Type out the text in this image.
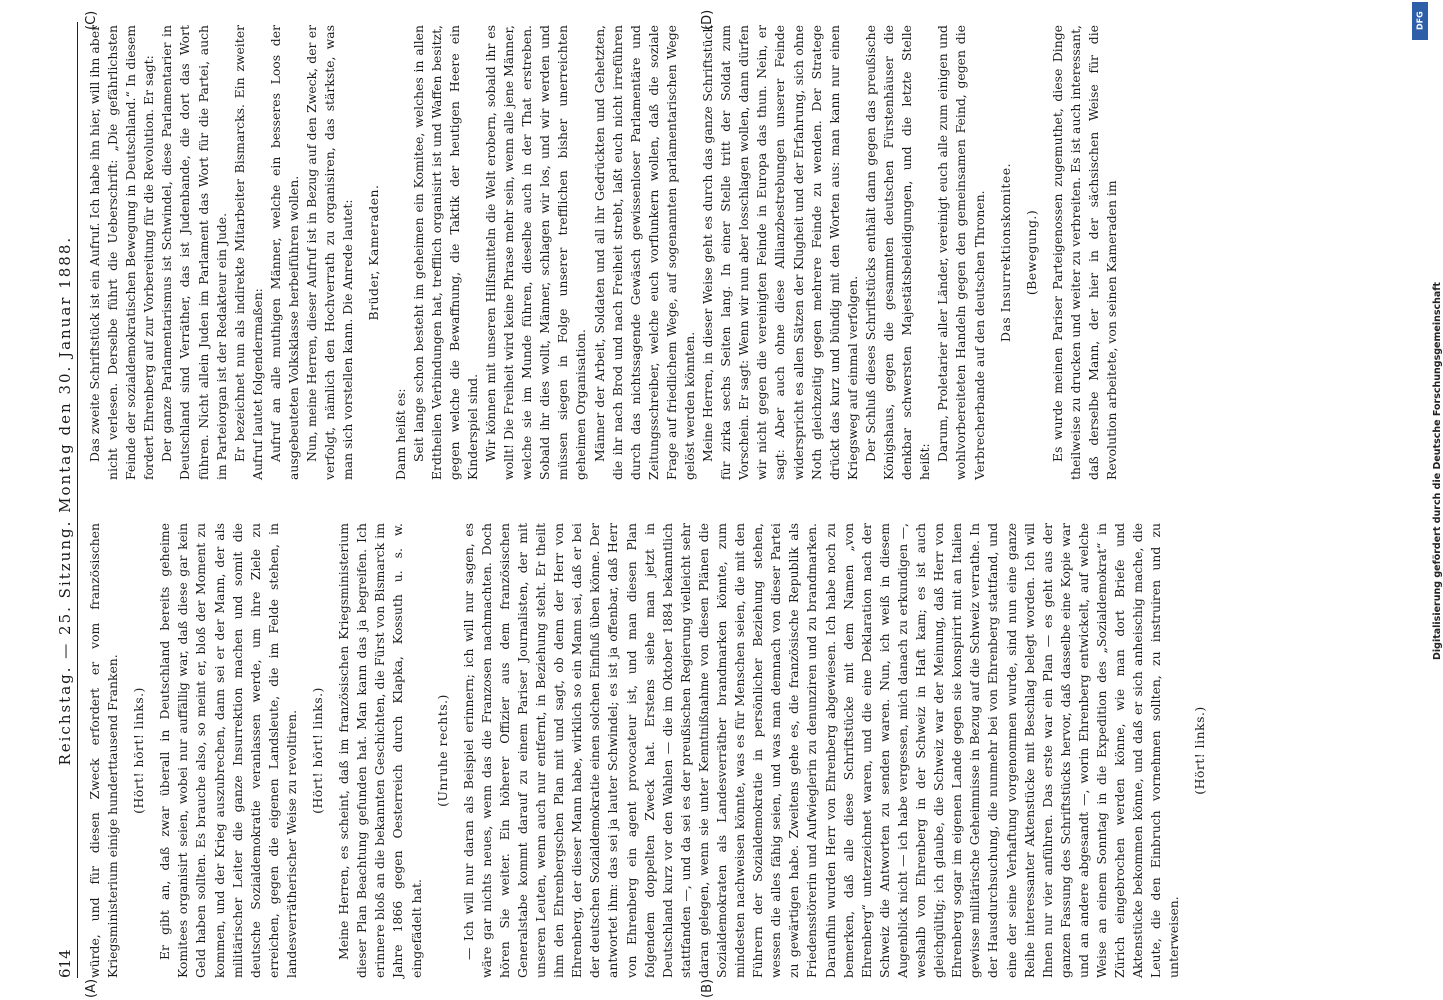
614
Reichstag. — 25. Sitzung. Montag den 30. Januar 1888.
(A)	(B)
(C)	(D)

würde, und für diesen Zweck erfordert er vom französischen Kriegsministerium einige hunderttausend Franken. (Hört! hört! links.) Er gibt an, daß zwar überall in Deutschland bereits geheime Komitees organisirt seien, wobei nur auffällig war, daß diese gar kein Geld haben sollten. Es brauche also, so meint er, bloß der Moment zu kommen, und der Krieg auszubrechen, dann sei er der Mann, der als militärischer Leiter die ganze Insurrektion machen und somit die deutsche Sozialdemokratie veranlassen werde, um ihre Ziele zu erreichen, gegen die eigenen Landsleute, die im Felde stehen, in landesverrätherischer Weise zu revoltiren. (Hört! hört! links.) Meine Herren, es scheint, daß im französischen Kriegsministerium dieser Plan Beachtung gefunden hat. Man kann das ja begreifen. Ich erinnere bloß an die bekannten Geschichten, die Fürst von Bismarck im Jahre 1866 gegen Oesterreich durch Klapka, Kossuth u. s. w. eingefädelt hat.

(Unruhe rechts.) — Ich will nur daran als Beispiel erinnern; ich will nur sagen, es wäre gar nichts neues, wenn das die Franzosen nachmachten. Doch hören Sie weiter. Ein höherer Offizier aus dem französischen Generalstabe kommt darauf zu einem Pariser Journalisten, der mit unseren Leuten, wenn auch nur entfernt, in Beziehung steht. Er theilt ihm den Ehrenbergschen Plan mit und sagt, ob denn der Herr von Ehrenberg, der dieser Mann habe, wirklich so ein Mann sei, daß er bei der deutschen Sozialdemokratie einen solchen Einfluß üben könne. Der antwortet ihm: das sei ja lauter Schwindel; es ist ja offenbar, daß Herr von Ehrenberg ein agent provocateur ist, und man diesen Plan folgendem doppelten Zweck hat. Erstens siehe man jetzt in Deutschland kurz vor den Wahlen — die im Oktober 1884 bekanntlich stattfanden —, und da sei es der preußischen Regierung vielleicht sehr daran gelegen, wenn sie unter Kenntnißnahme von diesen Plänen die Sozialdemokraten als Landesverräther brandmarken könnte, zum mindesten nachweisen könnte, was es für Menschen seien, die mit den Führern der Sozialdemokratie in persönlicher Beziehung stehen, wessen die alles fähig seien, und was man demnach von dieser Partei zu gewärtigen habe. Zweitens gehe es, die französische Republik als Friedensstörerin und Aufwieglerin zu denunziren und zu brandmarken. Daraufhin wurden Herr von Ehrenberg abgewiesen. Ich habe noch zu bemerken, daß alle diese Schriftstücke mit dem Namen „von Ehrenberg“ unterzeichnet waren, und die eine Deklaration nach der Schweiz die Antworten zu senden waren. Nun, ich weiß in diesem Augenblick nicht — ich habe vergessen, mich danach zu erkundigen —, weshalb von Ehrenberg in der Schweiz in Haft kam; es ist auch gleichgültig; ich glaube, die Schweiz war der Meinung, daß Herr von Ehrenberg sogar im eigenen Lande gegen sie konspirirt mit an Italien gewisse militärische Geheimnisse in Bezug auf die Schweiz verrathe. In der Hausdurchsuchung, die nunmehr bei von Ehrenberg stattfand, und eine der seine Verhaftung vorgenommen wurde, sind nun eine ganze Reihe interessanter Aktenstücke mit Beschlag belegt worden. Ich will Ihnen nur vier anführen. Das erste war ein Plan — es geht aus der ganzen Fassung des Schriftstücks hervor, daß dasselbe eine Kopie war und an andere abgesandt —, worin Ehrenberg entwickelt, auf welche Weise an einem Sonntag in die Expedition des „Sozialdemokrat“ in Zürich eingebrochen werden könne, wie man dort Briefe und Aktenstücke bekommen könne, und daß er sich anheischig mache, die Leute, die den Einbruch vornehmen sollten, zu instruiren und zu unterweisen.

(Hört! links.)

Das zweite Schriftstück ist ein Aufruf. Ich habe ihn hier, will ihn aber nicht verlesen. Derselbe führt die Ueberschrift: „Die gefährlichsten Feinde der sozialdemokratischen Bewegung in Deutschland.“ In diesem fordert Ehrenberg auf zur Vorbereitung für die Revolution. Er sagt: Der ganze Parlamentarismus ist Schwindel, diese Parlamentarier in Deutschland sind Verräther, das ist Judenbande, die dort das Wort führen. Nicht allein Juden im Parlament das Wort für die Partei, auch im Parteiorgan ist der Redakteur ein Jude. Er bezeichnet nun als indirekte Mitarbeiter Bismarcks. Ein zweiter Aufruf lautet folgendermaßen: Aufruf an alle muthigen Männer, welche ein besseres Loos der ausgebeuteten Volksklasse herbeiführen wollen. Nun, meine Herren, dieser Aufruf ist in Bezug auf den Zweck, der er verfolgt, nämlich den Hochverrath zu organisiren, das stärkste, was man sich vorstellen kann. Die Anrede lautet: Brüder, Kameraden.

Dann heißt es: Seit lange schon besteht im geheimen ein Komitee, welches in allen Erdtheilen Verbindungen hat, trefflich organisirt ist und Waffen besitzt, gegen welche die Bewaffnung, die Taktik der heutigen Heere ein Kinderspiel sind. Wir können mit unseren Hilfsmitteln die Welt erobern, sobald ihr es wollt! Die Freiheit wird keine Phrase mehr sein, wenn alle jene Männer, welche sie im Munde führen, dieselbe auch in der That erstreben. Sobald ihr dies wollt, Männer, schlagen wir los, und wir werden und müssen siegen in Folge unserer trefflichen bisher unerreichten geheimen Organisation. Männer der Arbeit, Soldaten und all ihr Gedrückten und Gehetzten, die ihr nach Brod und nach Freiheit strebt, laßt euch nicht irreführen durch das nichtssagende Gewäsch gewissenloser Parlamentäre und Zeitungsschreiber, welche euch vorflunkern wollen, daß die soziale Frage auf friedlichem Wege, auf sogenannten parlamentarischen Wege gelöst werden könnten. Meine Herren, in dieser Weise geht es durch das ganze Schriftstück für zirka sechs Seiten lang. In einer Stelle tritt der Soldat zum Vorschein. Er sagt: Wenn wir nun aber losschlagen wollen, dann dürfen wir nicht gegen die vereinigten Feinde in Europa das thun. Nein, er sagt: Aber auch ohne diese Allianzbestrebungen unserer Feinde widerspricht es allen Sätzen der Klugheit und der Erfahrung, sich ohne Noth gleichzeitig gegen mehrere Feinde zu wenden. Der Stratege drückt das kurz und bündig mit den Worten aus: man kann nur einen Kriegsweg auf einmal verfolgen. Der Schluß dieses Schriftstücks enthält dann gegen das preußische Königshaus, gegen die gesammten deutschen Fürstenhäuser die denkbar schwersten Majestätsbeleidigungen, und die letzte Stelle heißt: Darum, Proletarier aller Länder, vereinigt euch alle zum einigen und wohlvorbereiteten Handeln gegen den gemeinsamen Feind, gegen die Verbrecherbande auf den deutschen Thronen. Das Insurrektionskomitee. (Bewegung.) Es wurde meinen Pariser Parteigenossen zugemuthet, diese Dinge theilweise zu drucken und weiter zu verbreiten. Es ist auch interessant, daß derselbe Mann, der hier in der sächsischen Weise für die Revolution arbeitete, von seinen Kameraden im

DFG
Digitalisierung gefördert durch die Deutsche Forschungsgemeinschaft
